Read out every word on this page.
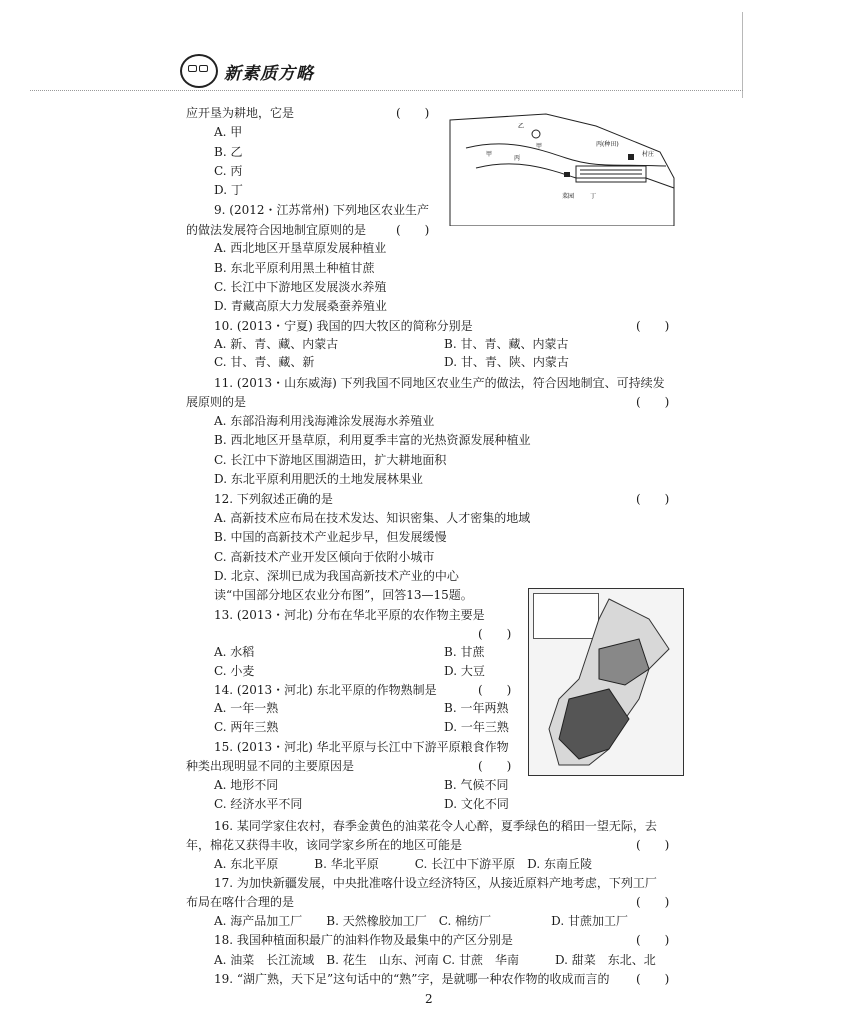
新素质方略
乙
丙(种田)
村庄
甲
丁
菜园
丙
甲
应开垦为耕地，它是	(　　)
A. 甲
B. 乙
C. 丙
D. 丁
9. (2012・江苏常州) 下列地区农业生产
的做法发展符合因地制宜原则的是 (　　)
A. 西北地区开垦草原发展种植业
B. 东北平原利用黑土种植甘蔗
C. 长江中下游地区发展淡水养殖
D. 青藏高原大力发展桑蚕养殖业
10. (2013・宁夏) 我国的四大牧区的简称分别是	(　　)
A. 新、青、藏、内蒙古	B. 甘、青、藏、内蒙古
C. 甘、青、藏、新	D. 甘、青、陕、内蒙古
11. (2013・山东威海) 下列我国不同地区农业生产的做法，符合因地制宜、可持续发
展原则的是	(　　)
A. 东部沿海利用浅海滩涂发展海水养殖业
B. 西北地区开垦草原，利用夏季丰富的光热资源发展种植业
C. 长江中下游地区围湖造田，扩大耕地面积
D. 东北平原利用肥沃的土地发展林果业
12. 下列叙述正确的是	(　　)
A. 高新技术应布局在技术发达、知识密集、人才密集的地域
B. 中国的高新技术产业起步早，但发展缓慢
C. 高新技术产业开发区倾向于依附小城市
D. 北京、深圳已成为我国高新技术产业的中心
读“中国部分地区农业分布图”，回答13—15题。
13. (2013・河北) 分布在华北平原的农作物主要是
(　　)
A. 水稻	B. 甘蔗
C. 小麦	D. 大豆
14. (2013・河北) 东北平原的作物熟制是	(　　)
A. 一年一熟	B. 一年两熟
C. 两年三熟	D. 一年三熟
15. (2013・河北) 华北平原与长江中下游平原粮食作物
种类出现明显不同的主要原因是	(　　)
A. 地形不同	B. 气候不同
C. 经济水平不同	D. 文化不同
16. 某同学家住农村，春季金黄色的油菜花令人心醉，夏季绿色的稻田一望无际，去
年，棉花又获得丰收，该同学家乡所在的地区可能是	(　　)
A. 东北平原　　　B. 华北平原　　　C. 长江中下游平原　D. 东南丘陵
17. 为加快新疆发展，中央批准喀什设立经济特区，从接近原料产地考虑，下列工厂
布局在喀什合理的是	(　　)
A. 海产品加工厂　　B. 天然橡胶加工厂　C. 棉纺厂　　　　　D. 甘蔗加工厂
18. 我国种植面积最广的油料作物及最集中的产区分别是	(　　)
A. 油菜　长江流域　B. 花生　山东、河南 C. 甘蔗　华南　　　D. 甜菜　东北、北
19. “湖广熟，天下足”这句话中的“熟”字，是就哪一种农作物的收成而言的 (　　)
2
